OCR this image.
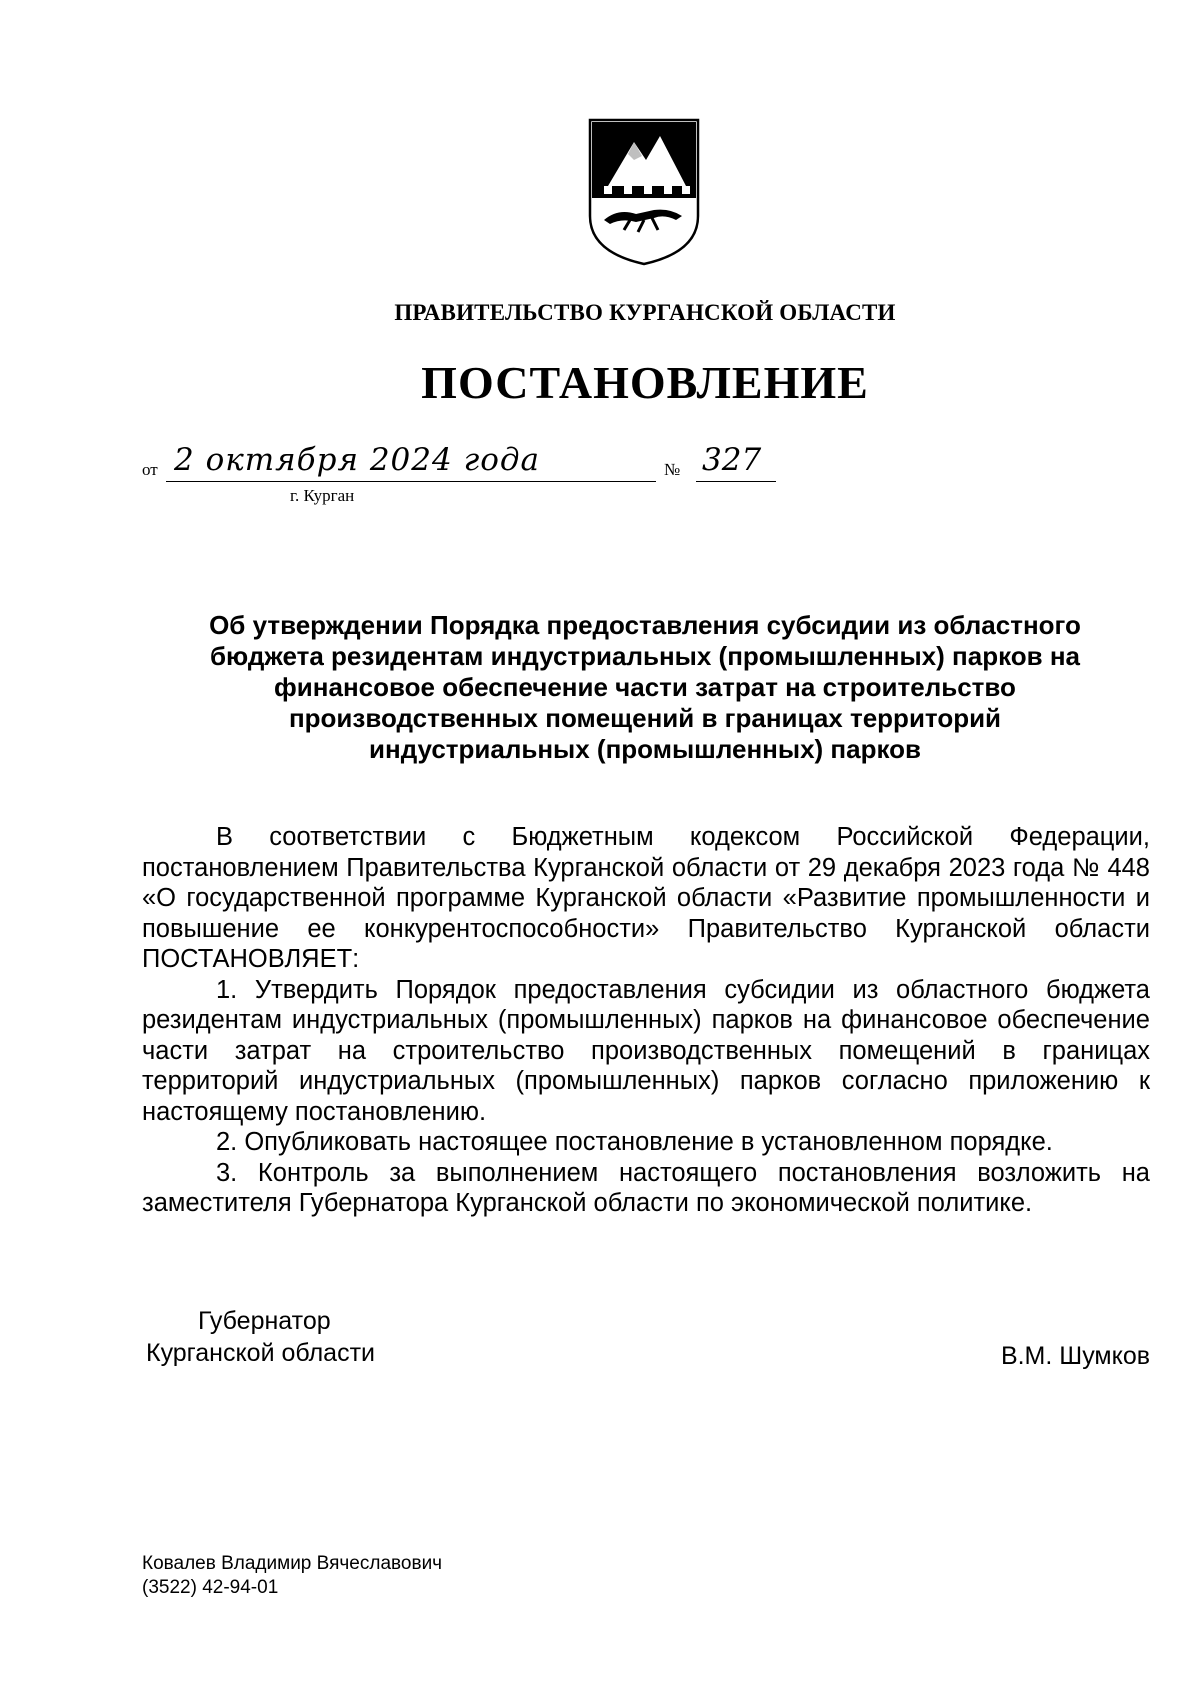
ПРАВИТЕЛЬСТВО КУРГАНСКОЙ ОБЛАСТИ
ПОСТАНОВЛЕНИЕ
от 2 октября 2024 года	№ 327
г. Курган
Об утверждении Порядка предоставления субсидии из областного бюджета резидентам индустриальных (промышленных) парков на финансовое обеспечение части затрат на строительство производственных помещений в границах территорий индустриальных (промышленных) парков

В соответствии с Бюджетным кодексом Российской Федерации, постановлением Правительства Курганской области от 29 декабря 2023 года № 448 «О государственной программе Курганской области «Развитие промышленности и повышение ее конкурентоспособности» Правительство Курганской области ПОСТАНОВЛЯЕТ:

1. Утвердить Порядок предоставления субсидии из областного бюджета резидентам индустриальных (промышленных) парков на финансовое обеспечение части затрат на строительство производственных помещений в границах территорий индустриальных (промышленных) парков согласно приложению к настоящему постановлению.

2. Опубликовать настоящее постановление в установленном порядке.

3. Контроль за выполнением настоящего постановления возложить на заместителя Губернатора Курганской области по экономической политике.

Губернатор
Курганской области	В.М. Шумков
Ковалев Владимир Вячеславович
(3522) 42-94-01
